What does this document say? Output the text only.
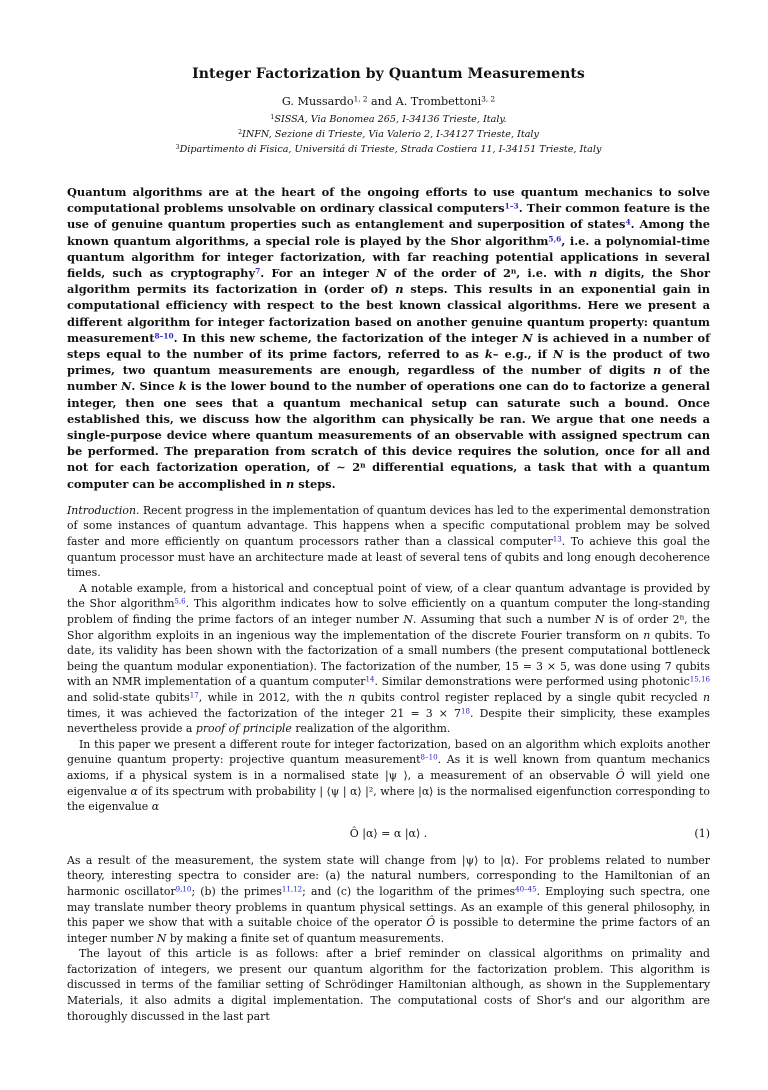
Integer Factorization by Quantum Measurements
G. Mussardo$^{1, 2}$ and A. Trombettoni$^{3, 2}$
$^1$SISSA, Via Bonomea 265, I-34136 Trieste, Italy.
$^2$INFN, Sezione di Trieste, Via Valerio 2, I-34127 Trieste, Italy
$^3$Dipartimento di Fisica, Universitá di Trieste, Strada Costiera 11, I-34151 Trieste, Italy
Quantum algorithms are at the heart of the ongoing efforts to use quantum mechanics to solve computational problems unsolvable on ordinary classical computers$^{1-3}$. Their common feature is the use of genuine quantum properties such as entanglement and superposition of states$^4$. Among the known quantum algorithms, a special role is played by the Shor algorithm$^{5,6}$, i.e. a polynomial-time quantum algorithm for integer factorization, with far reaching potential applications in several fields, such as cryptography$^7$. For an integer N of the order of 2$^n$, i.e. with n digits, the Shor algorithm permits its factorization in (order of) n steps. This results in an exponential gain in computational efficiency with respect to the best known classical algorithms. Here we present a different algorithm for integer factorization based on another genuine quantum property: quantum measurement$^{8-10}$. In this new scheme, the factorization of the integer N is achieved in a number of steps equal to the number of its prime factors, referred to as k– e.g., if N is the product of two primes, two quantum measurements are enough, regardless of the number of digits n of the number N. Since k is the lower bound to the number of operations one can do to factorize a general integer, then one sees that a quantum mechanical setup can saturate such a bound. Once established this, we discuss how the algorithm can physically be ran. We argue that one needs a single-purpose device where quantum measurements of an observable with assigned spectrum can be performed. The preparation from scratch of this device requires the solution, once for all and not for each factorization operation, of ∼ 2$^n$ differential equations, a task that with a quantum computer can be accomplished in n steps.

Introduction. Recent progress in the implementation of quantum devices has led to the experimental demonstration of some instances of quantum advantage. This happens when a specific computational problem may be solved faster and more efficiently on quantum processors rather than a classical computer$^{13}$. To achieve this goal the quantum processor must have an architecture made at least of several tens of qubits and long enough decoherence times.

A notable example, from a historical and conceptual point of view, of a clear quantum advantage is provided by the Shor algorithm$^{5,6}$. This algorithm indicates how to solve efficiently on a quantum computer the long-standing problem of finding the prime factors of an integer number N. Assuming that such a number N is of order 2$^n$, the Shor algorithm exploits in an ingenious way the implementation of the discrete Fourier transform on n qubits. To date, its validity has been shown with the factorization of a small numbers (the present computational bottleneck being the quantum modular exponentiation). The factorization of the number, 15 = 3 × 5, was done using 7 qubits with an NMR implementation of a quantum computer$^{14}$. Similar demonstrations were performed using photonic$^{15,16}$ and solid-state qubits$^{17}$, while in 2012, with the n qubits control register replaced by a single qubit recycled n times, it was achieved the factorization of the integer 21 = 3 × 7$^{18}$. Despite their simplicity, these examples nevertheless provide a proof of principle realization of the algorithm.

In this paper we present a different route for integer factorization, based on an algorithm which exploits another genuine quantum property: projective quantum measurement$^{8-10}$. As it is well known from quantum mechanics axioms, if a physical system is in a normalised state |ψ ⟩, a measurement of an observable Ô will yield one eigenvalue α of its spectrum with probability | ⟨ψ | α⟩ |², where |α⟩ is the normalised eigenfunction corresponding to the eigenvalue α

Ô |α⟩ = α |α⟩ .	(1)

As a result of the measurement, the system state will change from |ψ⟩ to |α⟩. For problems related to number theory, interesting spectra to consider are: (a) the natural numbers, corresponding to the Hamiltonian of an harmonic oscillator$^{9,10}$; (b) the primes$^{11,12}$; and (c) the logarithm of the primes$^{40-45}$. Employing such spectra, one may translate number theory problems in quantum physical settings. As an example of this general philosophy, in this paper we show that with a suitable choice of the operator Ô is possible to determine the prime factors of an integer number N by making a finite set of quantum measurements.

The layout of this article is as follows: after a brief reminder on classical algorithms on primality and factorization of integers, we present our quantum algorithm for the factorization problem. This algorithm is discussed in terms of the familiar setting of Schrödinger Hamiltonian although, as shown in the Supplementary Materials, it also admits a digital implementation. The computational costs of Shor's and our algorithm are thoroughly discussed in the last part
